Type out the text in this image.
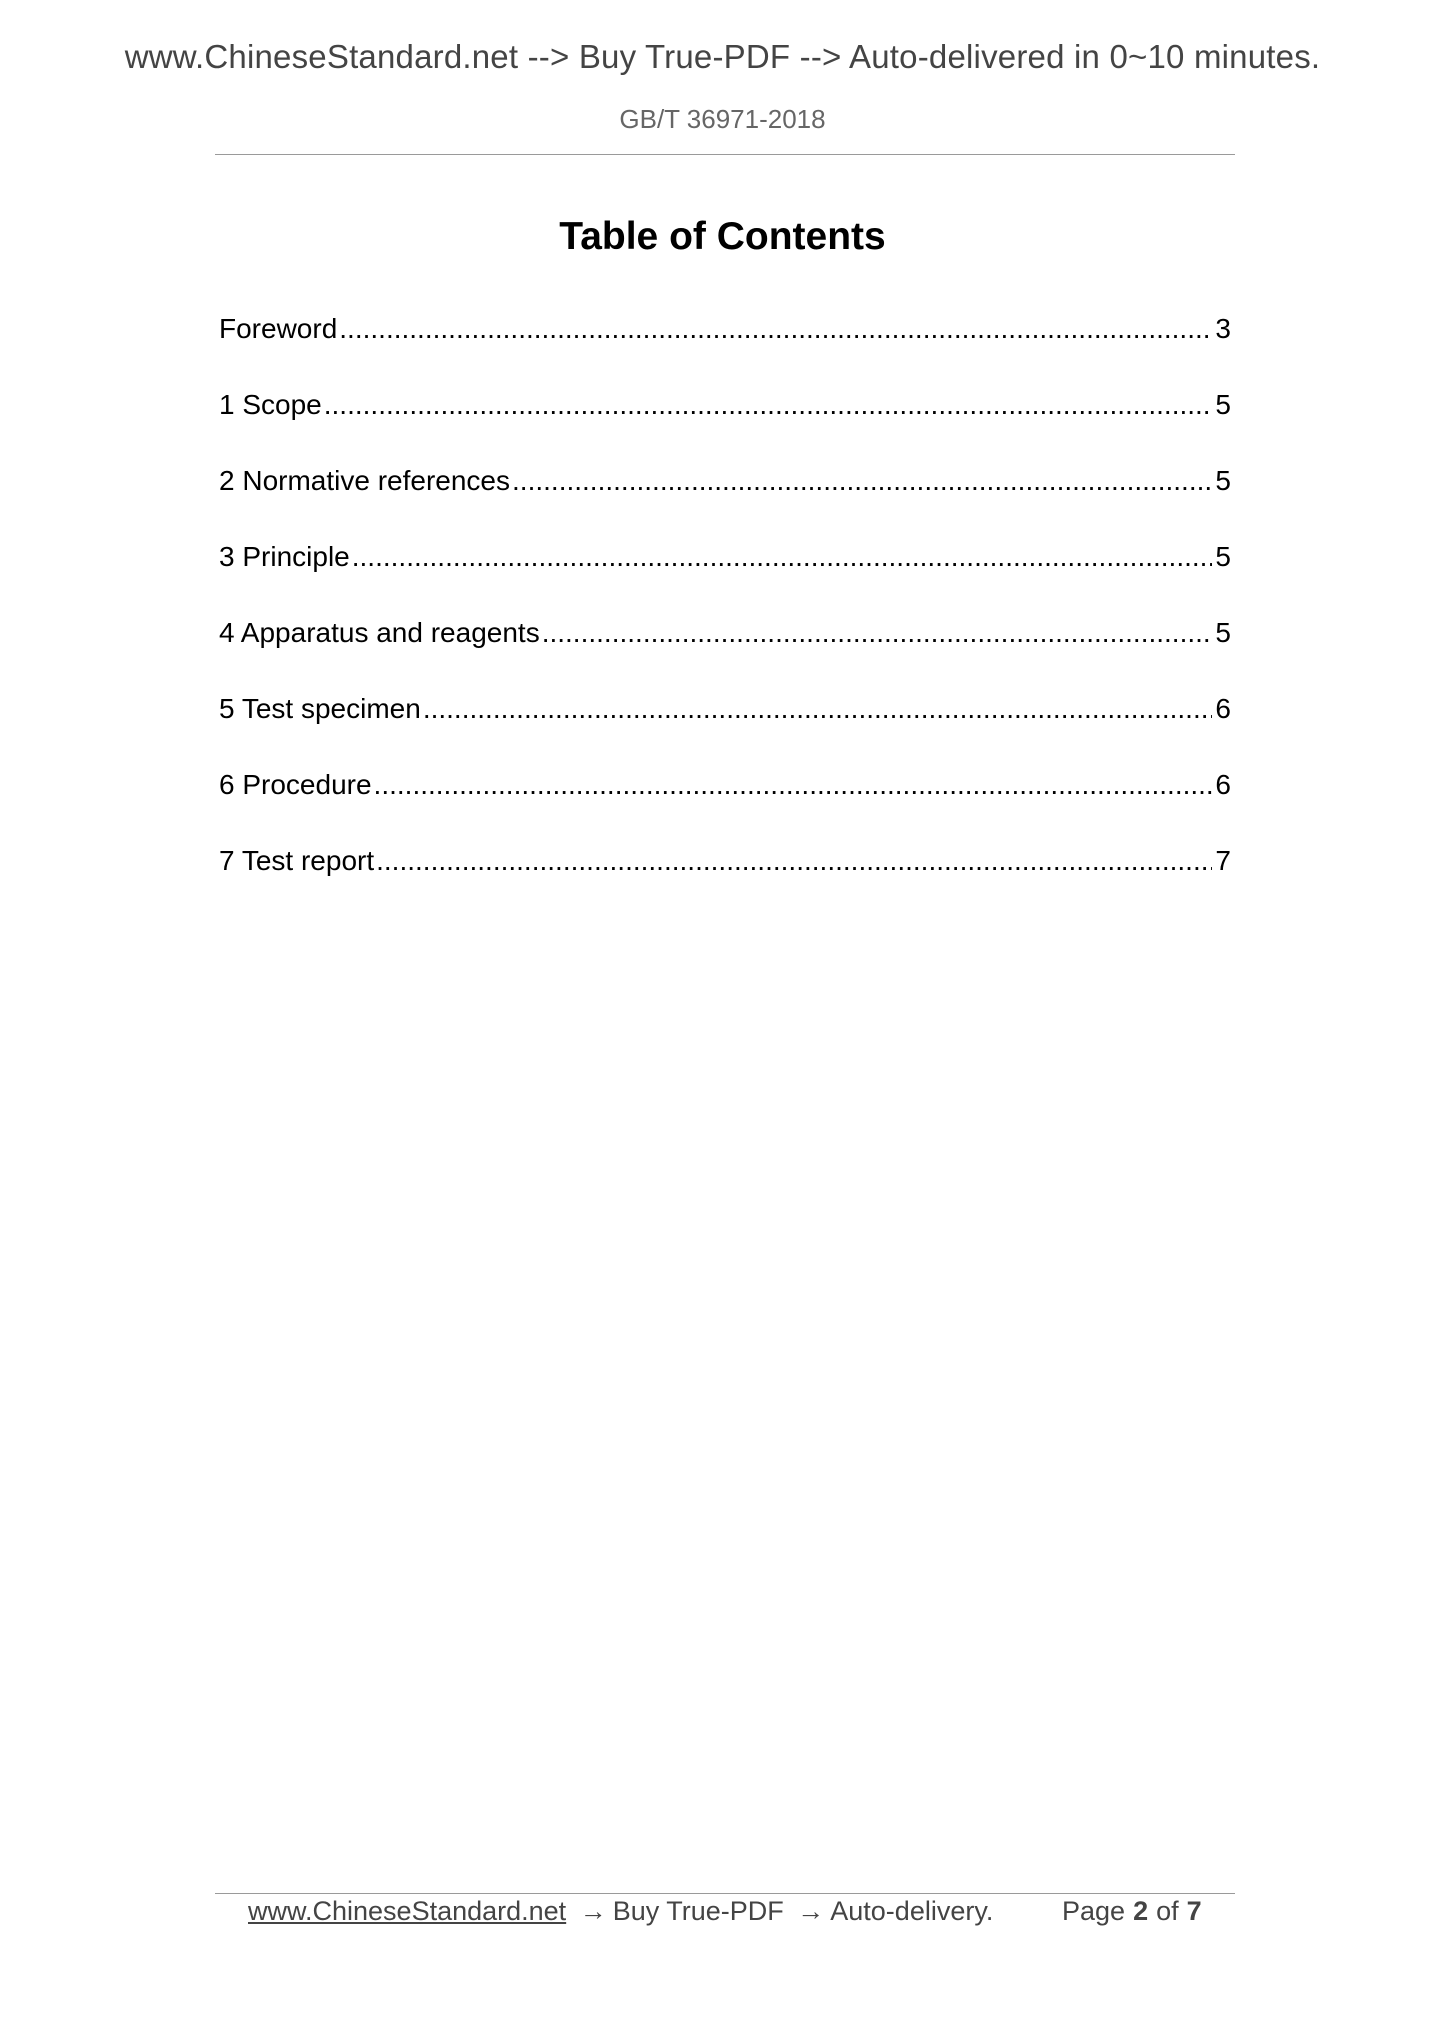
www.ChineseStandard.net --> Buy True-PDF --> Auto-delivered in 0~10 minutes.
GB/T 36971-2018
Table of Contents
Foreword .....	3
1 Scope .....	5
2 Normative references .....	5
3 Principle .....	5
4 Apparatus and reagents .....	5
5 Test specimen .....	6
6 Procedure .....	6
7 Test report .....	7
www.ChineseStandard.net → Buy True-PDF → Auto-delivery.	Page 2 of 7
